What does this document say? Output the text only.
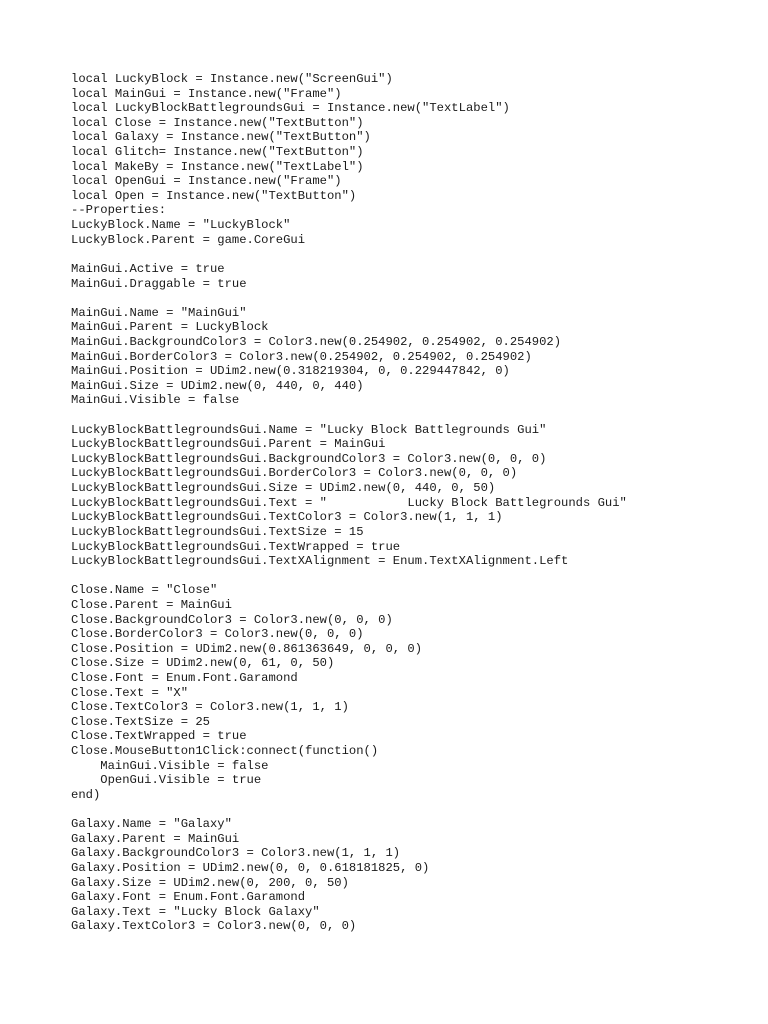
local LuckyBlock = Instance.new("ScreenGui")
local MainGui = Instance.new("Frame")
local LuckyBlockBattlegroundsGui = Instance.new("TextLabel")
local Close = Instance.new("TextButton")
local Galaxy = Instance.new("TextButton")
local Glitch= Instance.new("TextButton")
local MakeBy = Instance.new("TextLabel")
local OpenGui = Instance.new("Frame")
local Open = Instance.new("TextButton")
--Properties:
LuckyBlock.Name = "LuckyBlock"
LuckyBlock.Parent = game.CoreGui
MainGui.Active = true
MainGui.Draggable = true
MainGui.Name = "MainGui"
MainGui.Parent = LuckyBlock
MainGui.BackgroundColor3 = Color3.new(0.254902, 0.254902, 0.254902)
MainGui.BorderColor3 = Color3.new(0.254902, 0.254902, 0.254902)
MainGui.Position = UDim2.new(0.318219304, 0, 0.229447842, 0)
MainGui.Size = UDim2.new(0, 440, 0, 440)
MainGui.Visible = false
LuckyBlockBattlegroundsGui.Name = "Lucky Block Battlegrounds Gui"
LuckyBlockBattlegroundsGui.Parent = MainGui
LuckyBlockBattlegroundsGui.BackgroundColor3 = Color3.new(0, 0, 0)
LuckyBlockBattlegroundsGui.BorderColor3 = Color3.new(0, 0, 0)
LuckyBlockBattlegroundsGui.Size = UDim2.new(0, 440, 0, 50)
LuckyBlockBattlegroundsGui.Text = "           Lucky Block Battlegrounds Gui"
LuckyBlockBattlegroundsGui.TextColor3 = Color3.new(1, 1, 1)
LuckyBlockBattlegroundsGui.TextSize = 15
LuckyBlockBattlegroundsGui.TextWrapped = true
LuckyBlockBattlegroundsGui.TextXAlignment = Enum.TextXAlignment.Left
Close.Name = "Close"
Close.Parent = MainGui
Close.BackgroundColor3 = Color3.new(0, 0, 0)
Close.BorderColor3 = Color3.new(0, 0, 0)
Close.Position = UDim2.new(0.861363649, 0, 0, 0)
Close.Size = UDim2.new(0, 61, 0, 50)
Close.Font = Enum.Font.Garamond
Close.Text = "X"
Close.TextColor3 = Color3.new(1, 1, 1)
Close.TextSize = 25
Close.TextWrapped = true
Close.MouseButton1Click:connect(function()
MainGui.Visible = false
OpenGui.Visible = true
end)
Galaxy.Name = "Galaxy"
Galaxy.Parent = MainGui
Galaxy.BackgroundColor3 = Color3.new(1, 1, 1)
Galaxy.Position = UDim2.new(0, 0, 0.618181825, 0)
Galaxy.Size = UDim2.new(0, 200, 0, 50)
Galaxy.Font = Enum.Font.Garamond
Galaxy.Text = "Lucky Block Galaxy"
Galaxy.TextColor3 = Color3.new(0, 0, 0)
